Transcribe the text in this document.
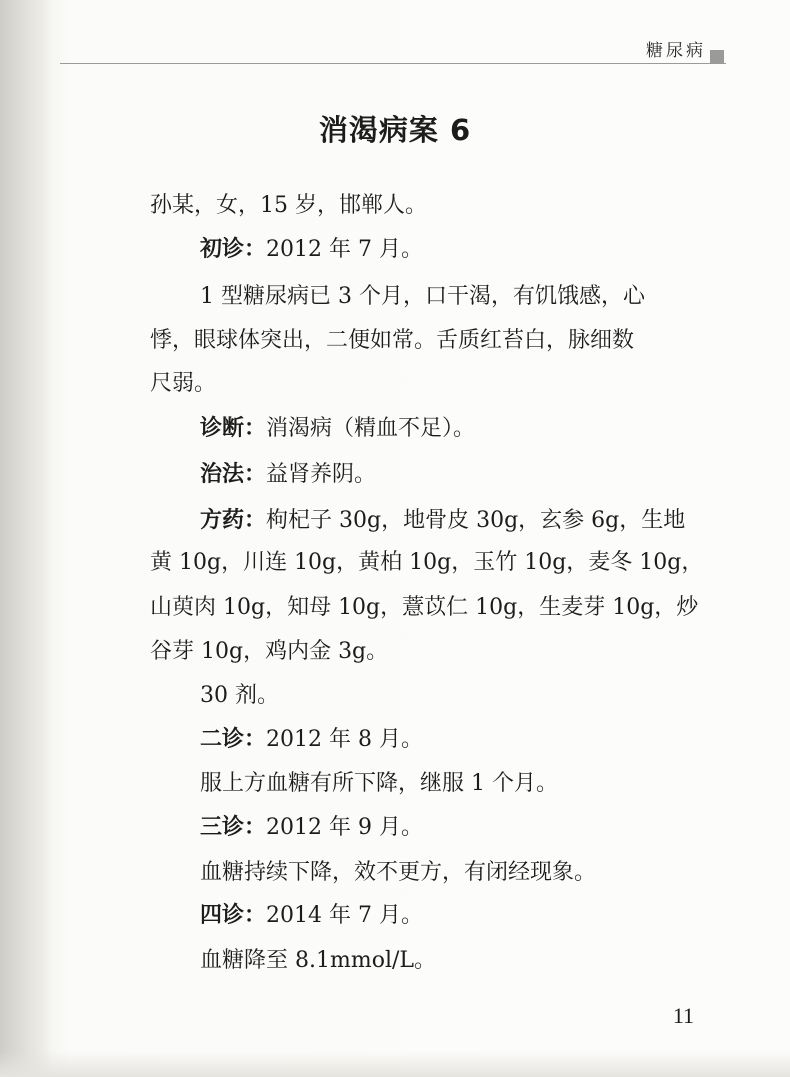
糖尿病
消渴病案 6
孙某，女，15 岁，邯郸人。
初诊：2012 年 7 月。
1 型糖尿病已 3 个月，口干渴，有饥饿感，心
悸，眼球体突出，二便如常。舌质红苔白，脉细数
尺弱。
诊断：消渴病（精血不足）。
治法：益肾养阴。
方药：枸杞子 30g，地骨皮 30g，玄参 6g，生地
黄 10g，川连 10g，黄柏 10g，玉竹 10g，麦冬 10g，
山萸肉 10g，知母 10g，薏苡仁 10g，生麦芽 10g，炒
谷芽 10g，鸡内金 3g。
30 剂。
二诊：2012 年 8 月。
服上方血糖有所下降，继服 1 个月。
三诊：2012 年 9 月。
血糖持续下降，效不更方，有闭经现象。
四诊：2014 年 7 月。
血糖降至 8.1mmol/L。
11
